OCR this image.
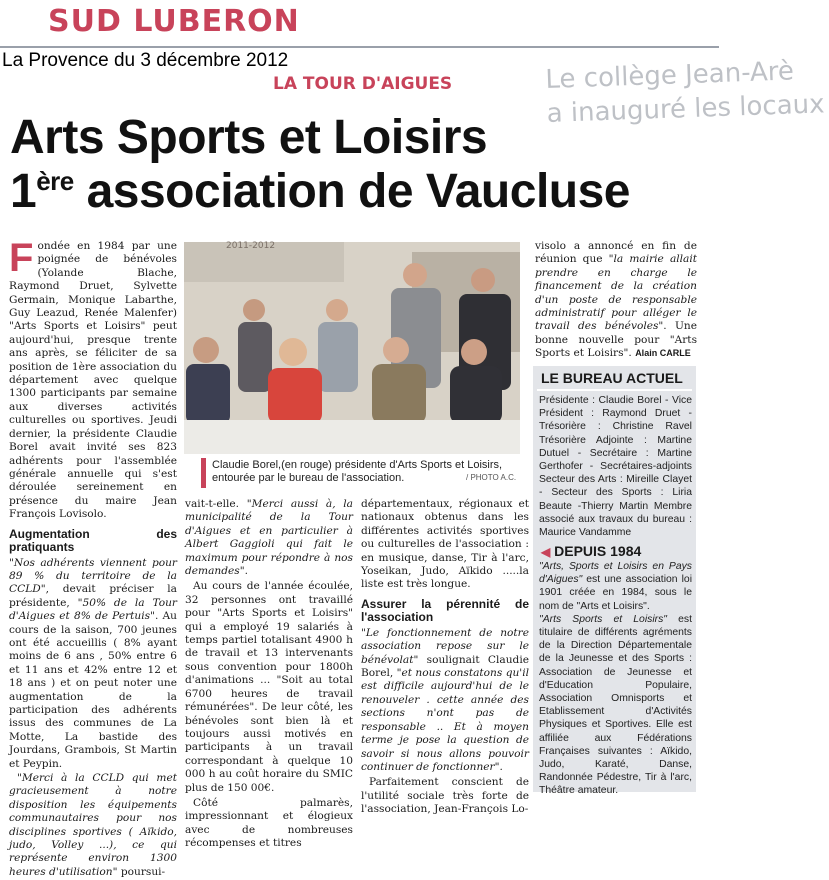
SUD LUBERON
Le collège Jean-Arè
a inauguré les locaux
La Provence du 3 décembre 2012
LA TOUR D'AIGUES
Arts Sports et Loisirs
1ère association de Vaucluse

Fondée en 1984 par une poignée de bénévoles (Yolande Blache, Raymond Druet, Sylvette Germain, Monique Labarthe, Guy Leazud, Renée Malenfer) "Arts Sports et Loisirs" peut aujourd'hui, presque trente ans après, se féliciter de sa position de 1ère association du département avec quelque 1300 participants par semaine aux diverses activités culturelles ou sportives. Jeudi dernier, la présidente Claudie Borel avait invité ses 823 adhérents pour l'assemblée générale annuelle qui s'est déroulée sereinement en présence du maire Jean François Lovisolo.

Augmentation des pratiquants

"Nos adhérents viennent pour 89 % du territoire de la CCLD", devait préciser la présidente, "50% de la Tour d'Aigues et 8% de Pertuis". Au cours de la saison, 700 jeunes ont été accueillis ( 8% ayant moins de 6 ans , 50% entre 6 et 11 ans et 42% entre 12 et 18 ans ) et on peut noter une augmentation de la participation des adhérents issus des communes de La Motte, La bastide des Jourdans, Grambois, St Martin et Peypin.

"Merci à la CCLD qui met gracieusement à notre disposition les équipements communautaires pour nos disciplines sportives ( Aïkido, judo, Volley ...), ce qui représente environ 1300 heures d'utilisation" poursui-

2011-2012
Claudie Borel,(en rouge) présidente d'Arts Sports et Loisirs, entourée par le bureau de l'association.	/ PHOTO A.C.

vait-t-elle. "Merci aussi à, la municipalité de la Tour d'Aigues et en particulier à Albert Gaggioli qui fait le maximum pour répondre à nos demandes".

Au cours de l'année écoulée, 32 personnes ont travaillé pour "Arts Sports et Loisirs" qui a employé 19 salariés à temps partiel totalisant 4900 h de travail et 13 intervenants sous convention pour 1800h d'animations ... "Soit au total 6700 heures de travail rémunérées". De leur côté, les bénévoles sont bien là et toujours aussi motivés en participants à un travail correspondant à quelque 10 000 h au coût horaire du SMIC plus de 150 00€.

Côté palmarès, impressionnant et élogieux avec de nombreuses récompenses et titres

départementaux, régionaux et nationaux obtenus dans les différentes activités sportives ou culturelles de l'association : en musique, danse, Tir à l'arc, Yoseikan, Judo, Aïkido .....la liste est très longue.

Assurer la pérennité de l'association

"Le fonctionnement de notre association repose sur le bénévolat" soulignait Claudie Borel, "et nous constatons qu'il est difficile aujourd'hui de le renouveler . cette année des sections n'ont pas de responsable .. Et à moyen terme je pose la question de savoir si nous allons pouvoir continuer de fonctionner".

Parfaitement conscient de l'utilité sociale très forte de l'association, Jean-François Lo-

visolo a annoncé en fin de réunion que "la mairie allait prendre en charge le financement de la création d'un poste de responsable administratif pour alléger le travail des bénévoles". Une bonne nouvelle pour "Arts Sports et Loisirs". Alain CARLE

LE BUREAU ACTUEL
Présidente : Claudie Borel - Vice Président : Raymond Druet - Trésorière : Christine Ravel Trésorière Adjointe : Martine Dutuel - Secrétaire : Martine Gerthofer - Secrétaires-adjoints Secteur des Arts : Mireille Clayet - Secteur des Sports : Liria Beaute -Thierry Martin Membre associé aux travaux du bureau : Maurice Vandamme
◀ DEPUIS 1984

"Arts, Sports et Loisirs en Pays d'Aigues" est une association loi 1901 créée en 1984, sous le nom de "Arts et Loisirs".

"Arts Sports et Loisirs" est titulaire de différents agréments de la Direction Départementale de la Jeunesse et des Sports : Association de Jeunesse et d'Education Populaire, Association Omnisports et Etablissement d'Activités Physiques et Sportives. Elle est affiliée aux Fédérations Françaises suivantes : Aïkido, Judo, Karaté, Danse, Randonnée Pédestre, Tir à l'arc, Théâtre amateur.
